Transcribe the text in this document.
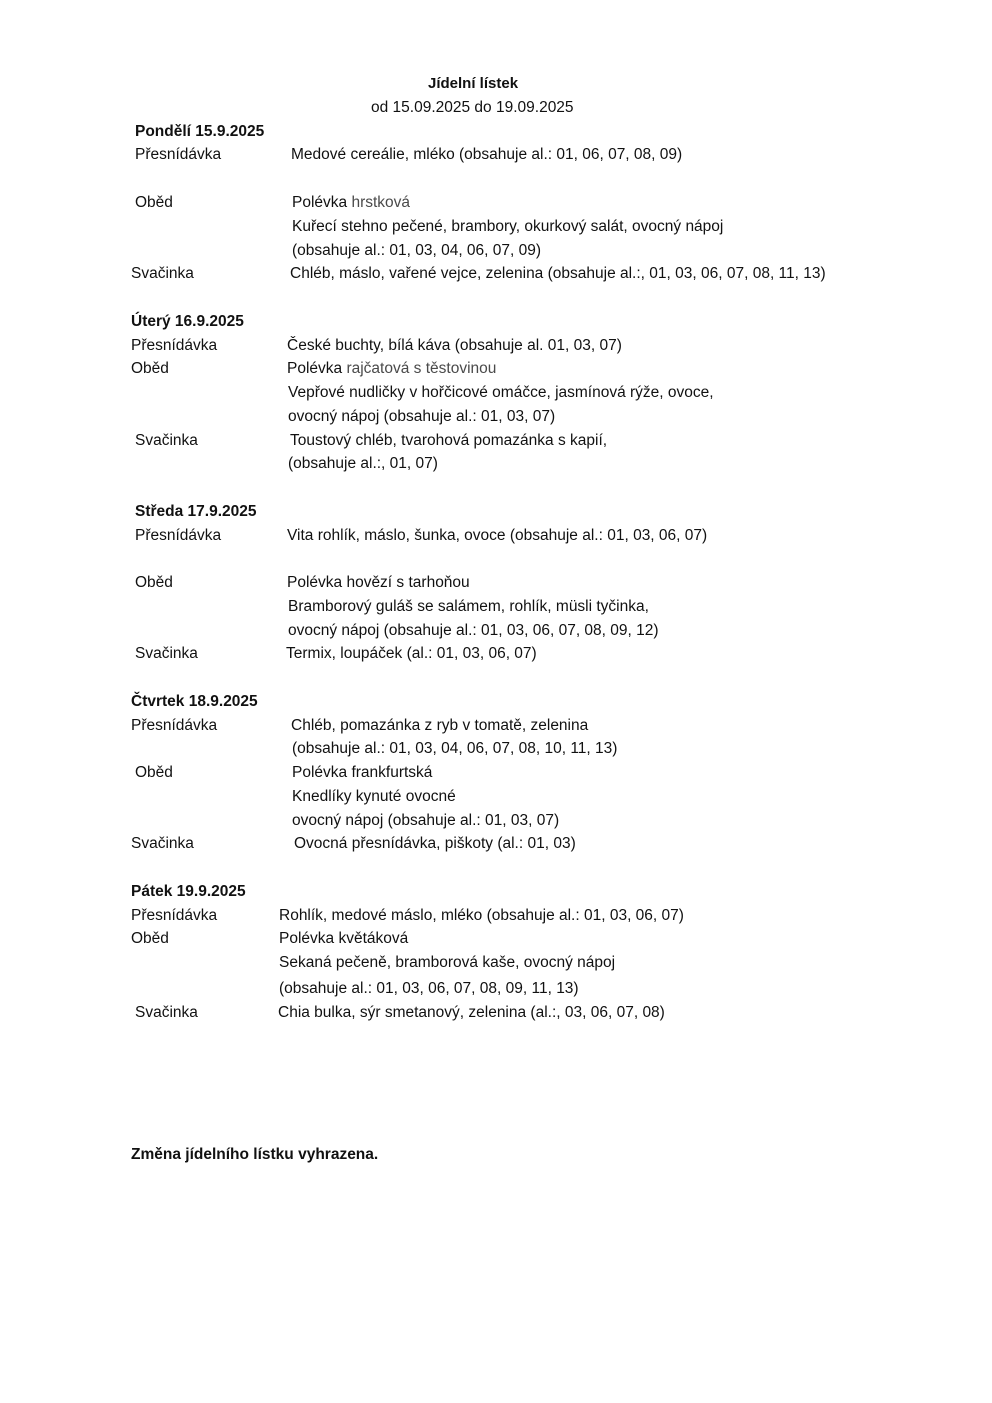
Jídelní lístek
od 15.09.2025 do 19.09.2025
Pondělí 15.9.2025
Přesnídávka	Medové cereálie, mléko (obsahuje al.: 01, 06, 07, 08, 09)
Oběd	Polévka hrstková
Kuřecí stehno pečené, brambory, okurkový salát, ovocný nápoj
(obsahuje al.: 01, 03, 04, 06, 07, 09)
Svačinka	Chléb, máslo, vařené vejce, zelenina (obsahuje al.:, 01, 03, 06, 07, 08, 11, 13)
Úterý 16.9.2025
Přesnídávka	České buchty, bílá káva (obsahuje al. 01, 03, 07)
Oběd	Polévka rajčatová s těstovinou
Vepřové nudličky v hořčicové omáčce, jasmínová rýže, ovoce,
ovocný nápoj (obsahuje al.: 01, 03, 07)
Svačinka	Toustový chléb, tvarohová pomazánka s kapií,
(obsahuje al.:, 01, 07)
Středa 17.9.2025
Přesnídávka	Vita rohlík, máslo, šunka, ovoce (obsahuje al.: 01, 03, 06, 07)
Oběd	Polévka hovězí s tarhoňou
Bramborový guláš se salámem, rohlík, müsli tyčinka,
ovocný nápoj (obsahuje al.: 01, 03, 06, 07, 08, 09, 12)
Svačinka	Termix, loupáček (al.: 01, 03, 06, 07)
Čtvrtek 18.9.2025
Přesnídávka	Chléb, pomazánka z ryb v tomatě, zelenina
(obsahuje al.: 01, 03, 04, 06, 07, 08, 10, 11, 13)
Oběd	Polévka frankfurtská
Knedlíky kynuté ovocné
ovocný nápoj (obsahuje al.: 01, 03, 07)
Svačinka	Ovocná přesnídávka, piškoty (al.: 01, 03)
Pátek 19.9.2025
Přesnídávka	Rohlík, medové máslo, mléko (obsahuje al.: 01, 03, 06, 07)
Oběd	Polévka květáková
Sekaná pečeně, bramborová kaše, ovocný nápoj
(obsahuje al.: 01, 03, 06, 07, 08, 09, 11, 13)
Svačinka	Chia bulka, sýr smetanový, zelenina (al.:, 03, 06, 07, 08)
Změna jídelního lístku vyhrazena.
